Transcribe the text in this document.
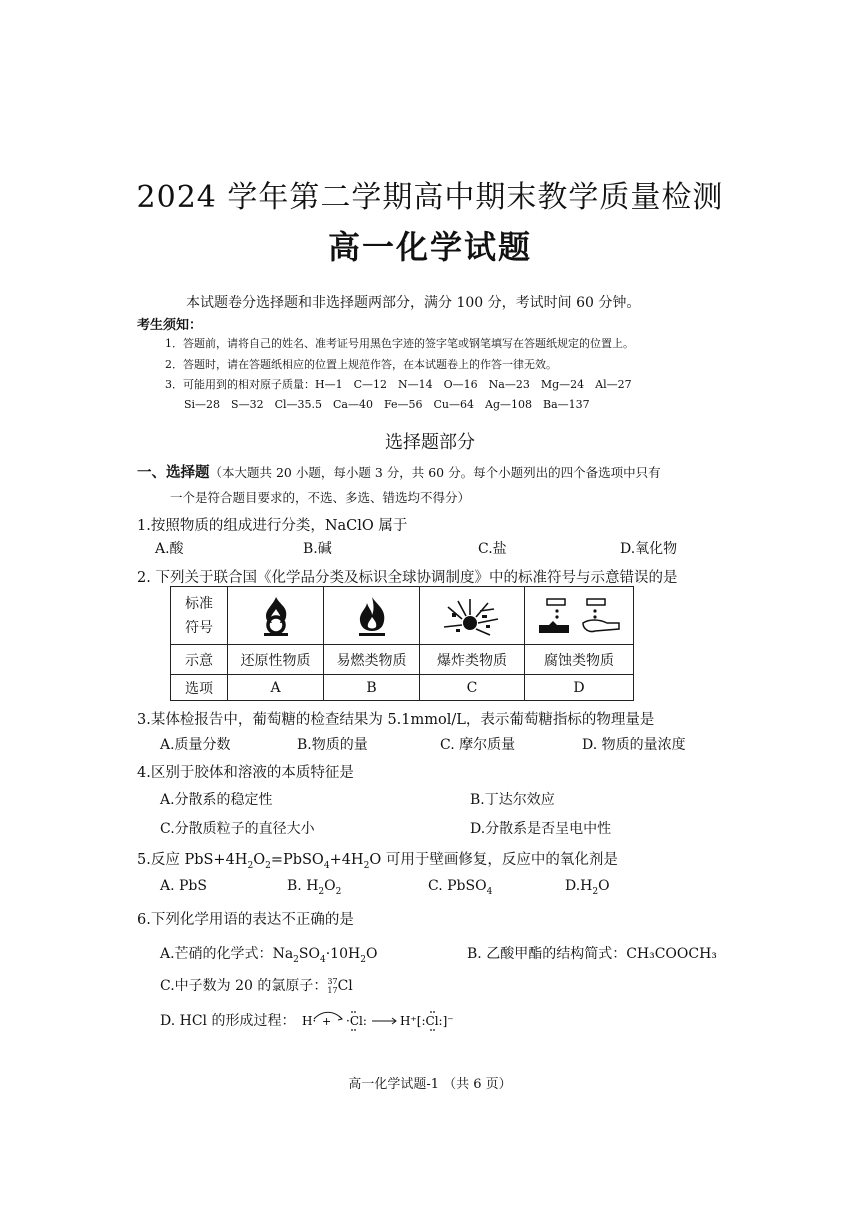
2024 学年第二学期高中期末教学质量检测
高一化学试题
本试题卷分选择题和非选择题两部分，满分 100 分，考试时间 60 分钟。
考生须知：
1．答题前，请将自己的姓名、准考证号用黑色字迹的签字笔或钢笔填写在答题纸规定的位置上。
2．答题时，请在答题纸相应的位置上规范作答，在本试题卷上的作答一律无效。
3．可能用到的相对原子质量：H—1　C—12　N—14　O—16　Na—23　Mg—24　Al—27
Si—28　S—32　Cl—35.5　Ca—40　Fe—56　Cu—64　Ag—108　Ba—137
选择题部分
一、选择题（本大题共 20 小题，每小题 3 分，共 60 分。每个小题列出的四个备选项中只有
一个是符合题目要求的，不选、多选、错选均不得分）
1.按照物质的组成进行分类，NaClO 属于
A.酸	B.碱	C.盐	D.氧化物
2. 下列关于联合国《化学品分类及标识全球协调制度》中的标准符号与示意错误的是
标准
符号	

示意	还原性物质	易燃类物质	爆炸类物质	腐蚀类物质
选项	A	B	C	D
3.某体检报告中，葡萄糖的检查结果为 5.1mmol/L，表示葡萄糖指标的物理量是
A.质量分数	B.物质的量	C. 摩尔质量	D. 物质的量浓度
4.区别于胶体和溶液的本质特征是
A.分散系的稳定性	B.丁达尔效应
C.分散质粒子的直径大小	D.分散系是否呈电中性
5.反应 $PbS+4H_2O_2=PbSO_4+4H_2O$ 可用于壁画修复，反应中的氧化剂是
A. PbS	B. $H_2O_2$	C. PbSO$_4$	$D.H_2O$
6.下列化学用语的表达不正确的是
A.芒硝的化学式：$Na_2SO_4\cdot 10H_2O$	B. 乙酸甲酯的结构简式：CH₃COOCH₃
C.中子数为 20 的氯原子： 37
17 Cl
D. HCl 的形成过程： H· + ·Cl:	H⁺[:Cl:]⁻
高一化学试题-1 （共 6 页）
